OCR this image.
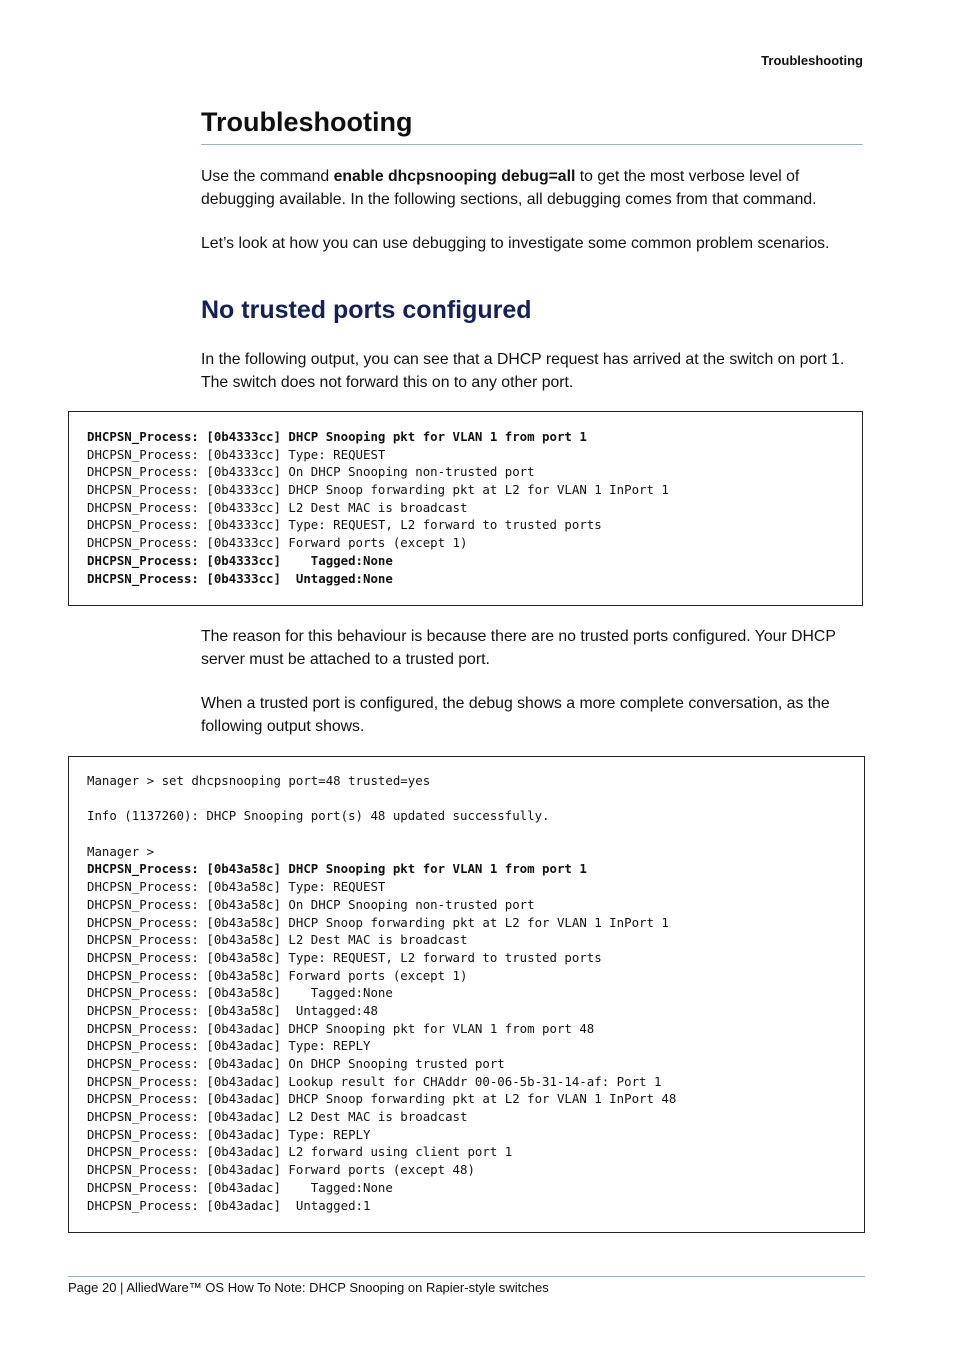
Troubleshooting
Troubleshooting
Use the command enable dhcpsnooping debug=all to get the most verbose level of debugging available. In the following sections, all debugging comes from that command.
Let’s look at how you can use debugging to investigate some common problem scenarios.
No trusted ports configured
In the following output, you can see that a DHCP request has arrived at the switch on port 1. The switch does not forward this on to any other port.
DHCPSN_Process: [0b4333cc] DHCP Snooping pkt for VLAN 1 from port 1
DHCPSN_Process: [0b4333cc] Type: REQUEST
DHCPSN_Process: [0b4333cc] On DHCP Snooping non-trusted port
DHCPSN_Process: [0b4333cc] DHCP Snoop forwarding pkt at L2 for VLAN 1 InPort 1
DHCPSN_Process: [0b4333cc] L2 Dest MAC is broadcast
DHCPSN_Process: [0b4333cc] Type: REQUEST, L2 forward to trusted ports
DHCPSN_Process: [0b4333cc] Forward ports (except 1)
DHCPSN_Process: [0b4333cc]    Tagged:None
DHCPSN_Process: [0b4333cc]  Untagged:None
The reason for this behaviour is because there are no trusted ports configured. Your DHCP server must be attached to a trusted port.
When a trusted port is configured, the debug shows a more complete conversation, as the following output shows.
Manager > set dhcpsnooping port=48 trusted=yes
Info (1137260): DHCP Snooping port(s) 48 updated successfully.
Manager >
DHCPSN_Process: [0b43a58c] DHCP Snooping pkt for VLAN 1 from port 1
DHCPSN_Process: [0b43a58c] Type: REQUEST
DHCPSN_Process: [0b43a58c] On DHCP Snooping non-trusted port
DHCPSN_Process: [0b43a58c] DHCP Snoop forwarding pkt at L2 for VLAN 1 InPort 1
DHCPSN_Process: [0b43a58c] L2 Dest MAC is broadcast
DHCPSN_Process: [0b43a58c] Type: REQUEST, L2 forward to trusted ports
DHCPSN_Process: [0b43a58c] Forward ports (except 1)
DHCPSN_Process: [0b43a58c]    Tagged:None
DHCPSN_Process: [0b43a58c]  Untagged:48
DHCPSN_Process: [0b43adac] DHCP Snooping pkt for VLAN 1 from port 48
DHCPSN_Process: [0b43adac] Type: REPLY
DHCPSN_Process: [0b43adac] On DHCP Snooping trusted port
DHCPSN_Process: [0b43adac] Lookup result for CHAddr 00-06-5b-31-14-af: Port 1
DHCPSN_Process: [0b43adac] DHCP Snoop forwarding pkt at L2 for VLAN 1 InPort 48
DHCPSN_Process: [0b43adac] L2 Dest MAC is broadcast
DHCPSN_Process: [0b43adac] Type: REPLY
DHCPSN_Process: [0b43adac] L2 forward using client port 1
DHCPSN_Process: [0b43adac] Forward ports (except 48)
DHCPSN_Process: [0b43adac]    Tagged:None
DHCPSN_Process: [0b43adac]  Untagged:1
Page 20 | AlliedWare™ OS How To Note: DHCP Snooping on Rapier-style switches
